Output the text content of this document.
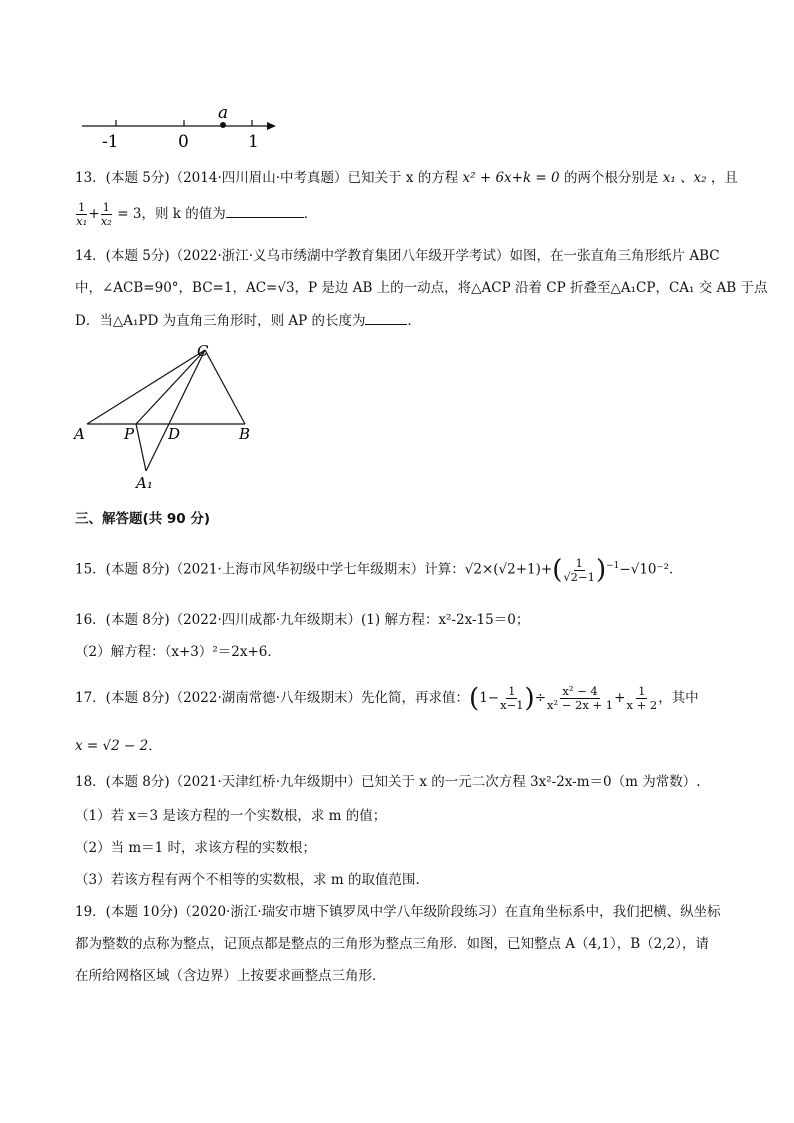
a
-1	0	1
13．(本题 5分)（2014·四川眉山·中考真题）已知关于 x 的方程 x² + 6x+k = 0 的两个根分别是 x₁ 、x₂ ，且
$\frac{1}{\text{x₁}} + \frac{1}{\text{x₂}} = 3$，则 k 的值为	．
14．(本题 5分)（2022·浙江·义乌市绣湖中学教育集团八年级开学考试）如图，在一张直角三角形纸片 ABC
中，∠ACB=90°，BC=1，AC=√3，P 是边 AB 上的一动点，将△ACP 沿着 CP 折叠至△A₁CP，CA₁ 交 AB 于点
D．当△A₁PD 为直角三角形时，则 AP 的长度为	．
C
A	P D	B
A₁
三、解答题(共 90 分)
15．(本题 8分)（2021·上海市风华初级中学七年级期末）计算：$√2\times(√2+1)+( \frac{1}{√2-1} )^{-1}-√10^{-2}$．
16．(本题 8分)（2022·四川成都·九年级期末）(1) 解方程：x²-2x-15＝0；
（2）解方程：（x+3）²＝2x+6．
17．(本题 8分)（2022·湖南常德·八年级期末）先化简，再求值：($1- \frac{1}{x-1}$ )÷ $\frac{\text{x² − 4}}{\text{x² − 2x + 1}} + \frac{1}{x + 2}$ ，其中
x = √2 − 2．
18．(本题 8分)（2021·天津红桥·九年级期中）已知关于 x 的一元二次方程 3x²-2x-m＝0（m 为常数）.
（1）若 x＝3 是该方程的一个实数根，求 m 的值；
（2）当 m＝1 时，求该方程的实数根；
（3）若该方程有两个不相等的实数根，求 m 的取值范围.
19．(本题 10分)（2020·浙江·瑞安市塘下镇罗凤中学八年级阶段练习）在直角坐标系中，我们把横、纵坐标
都为整数的点称为整点，记顶点都是整点的三角形为整点三角形．如图，已知整点 A（4,1），B（2,2），请
在所给网格区域（含边界）上按要求画整点三角形．
